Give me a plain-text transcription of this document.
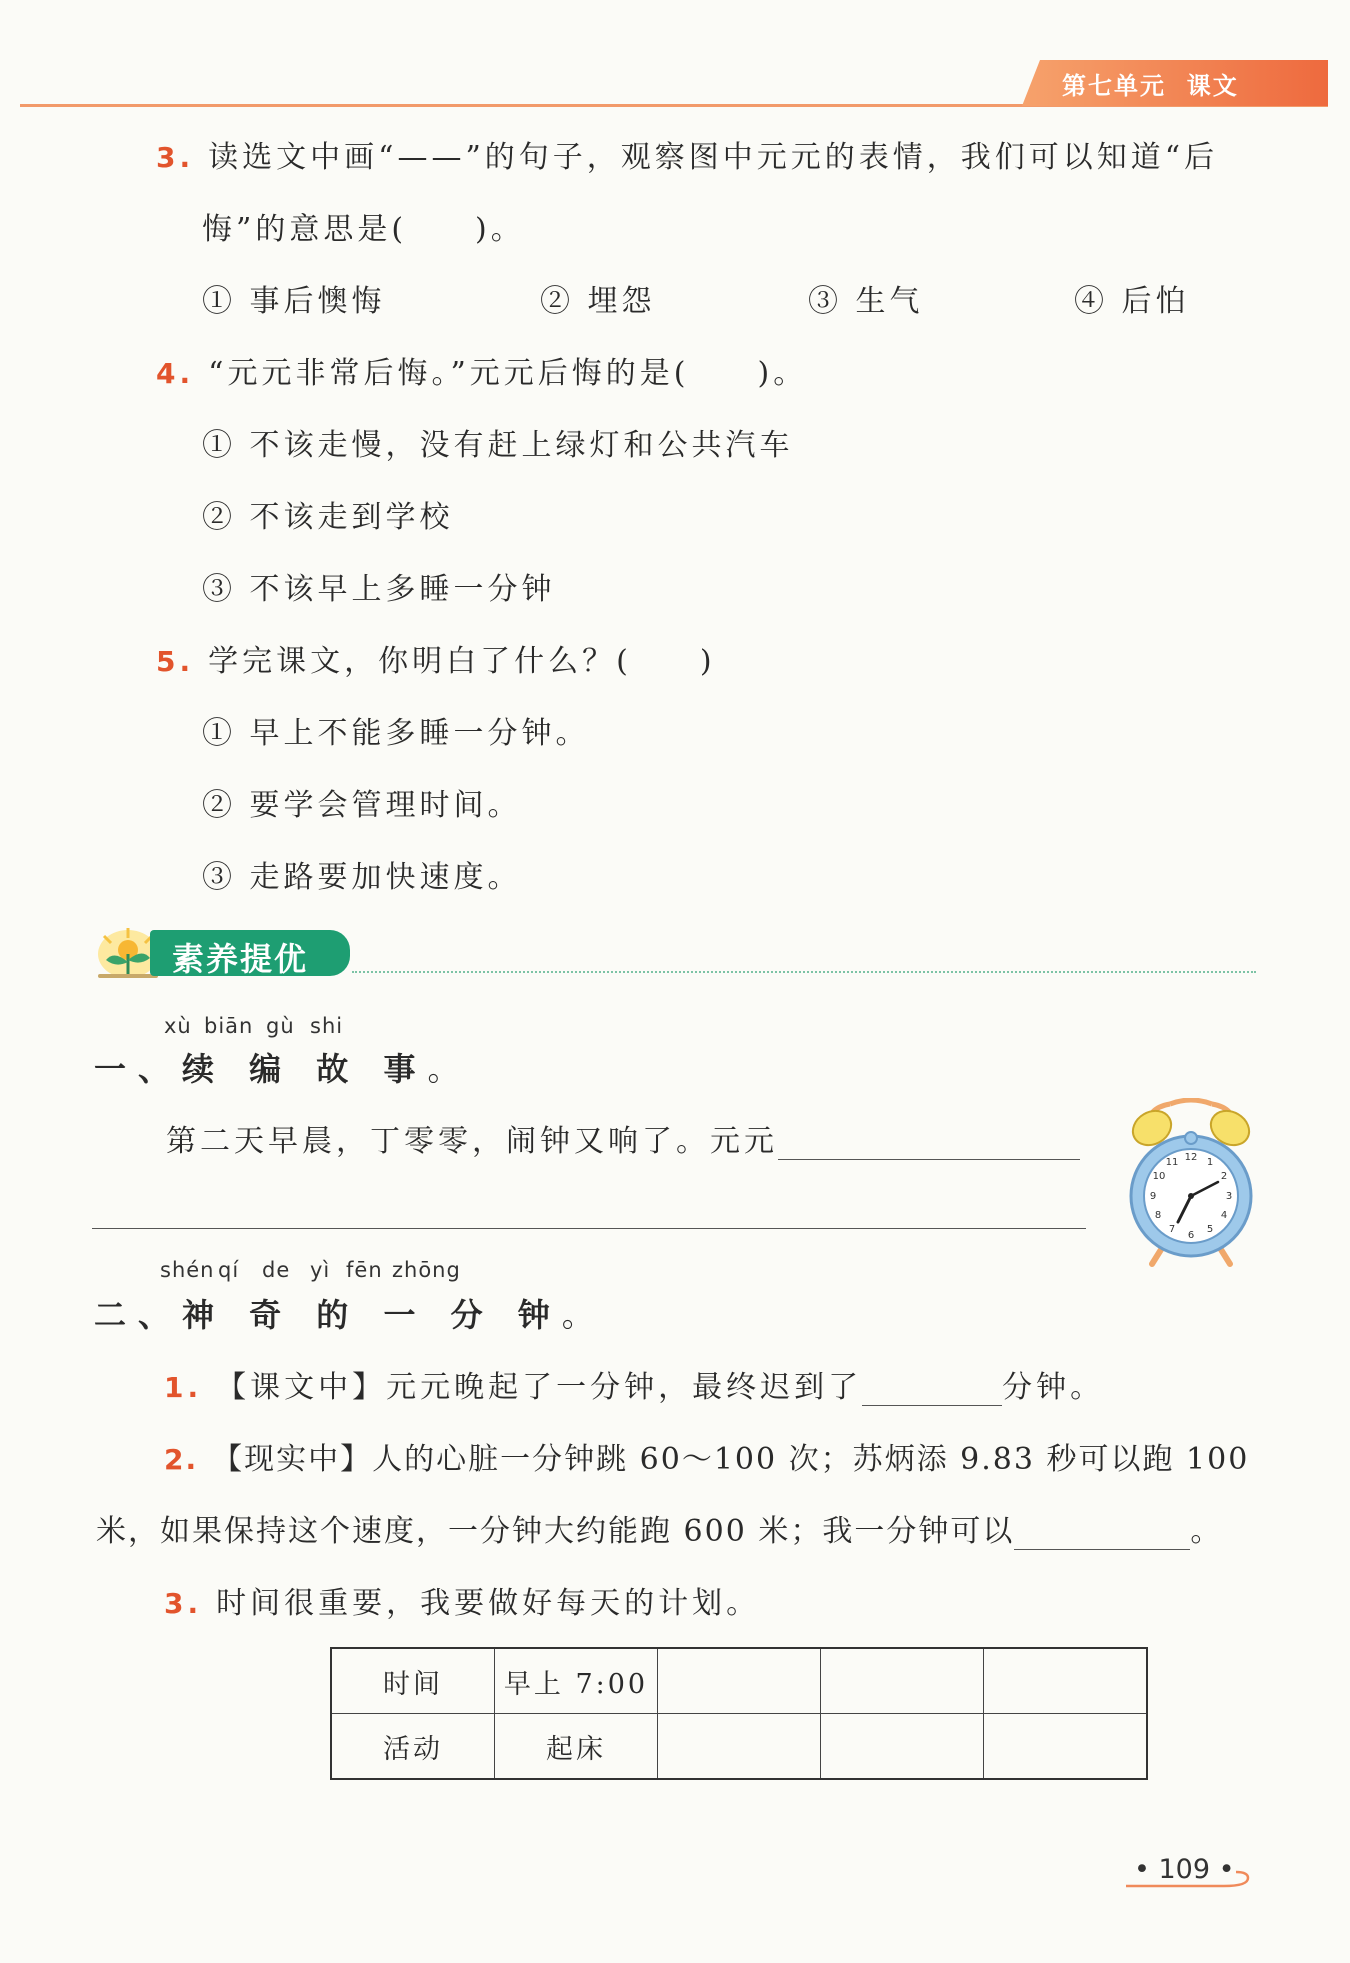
第七单元 课文
3. 读选文中画“——”的句子，观察图中元元的表情，我们可以知道“后
悔”的意思是(　　)。
① 事后懊悔	② 埋怨	③ 生气	④ 后怕
4. “元元非常后悔。”元元后悔的是(　　)。
① 不该走慢，没有赶上绿灯和公共汽车
② 不该走到学校
③ 不该早上多睡一分钟
5. 学完课文，你明白了什么？(　　)
① 早上不能多睡一分钟。
② 要学会管理时间。
③ 走路要加快速度。
素养提优
xù biān gù shi
一、续 编 故 事。
第二天早晨，丁零零，闹钟又响了。元元	12 1
2
3
4
5
6
7
8
9
10
11
shén qí de yì fēn zhōng
二、神 奇 的 一 分 钟。
1. 【课文中】元元晚起了一分钟，最终迟到了	分钟。
2. 【现实中】人的心脏一分钟跳 60～100 次；苏炳添 9.83 秒可以跑 100
米，如果保持这个速度，一分钟大约能跑 600 米；我一分钟可以	。
3. 时间很重要，我要做好每天的计划。
时间	早上 7:00			
活动	起床			
• 109 •
